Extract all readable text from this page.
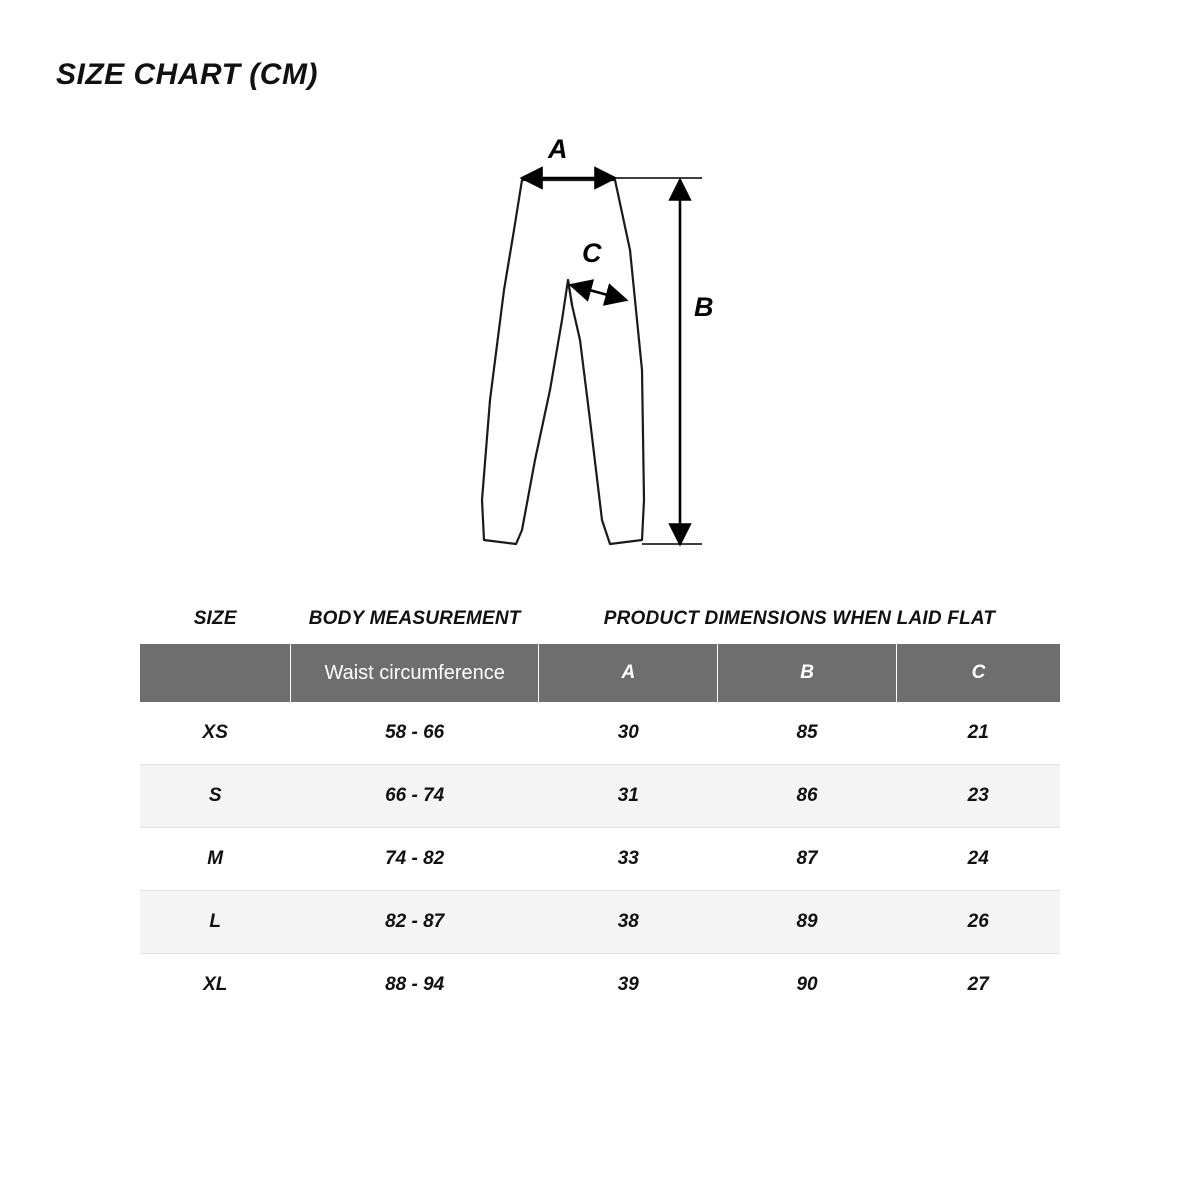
SIZE CHART (CM)
A
C
B
SIZE	BODY MEASUREMENT	PRODUCT DIMENSIONS WHEN LAID FLAT		
	Waist circumference	A	B	C
XS	58 - 66	30	85	21
S	66 - 74	31	86	23
M	74 - 82	33	87	24
L	82 - 87	38	89	26
XL	88 - 94	39	90	27
